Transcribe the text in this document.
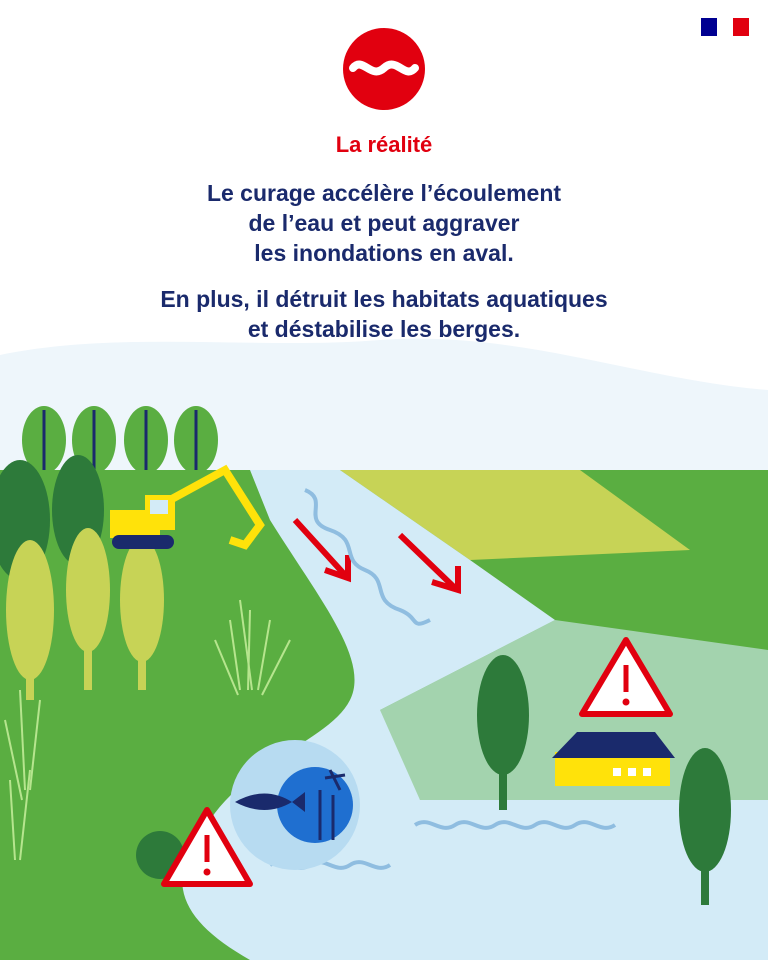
La réalité
Le curage accélère l’écoulement
de l’eau et peut aggraver
les inondations en aval.
En plus, il détruit les habitats aquatiques
et déstabilise les berges.
